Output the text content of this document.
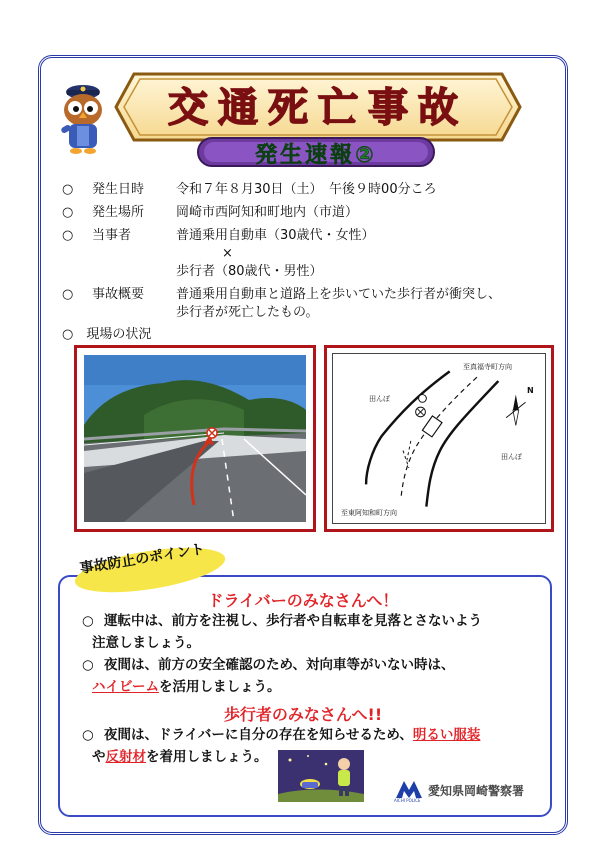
交通死亡事故
発生速報②
○ 発生日時 令和７年８月30日（土）　午後９時00分ころ
○ 発生場所 岡崎市西阿知和町地内（市道）
○ 当事者	普通乗用自動車（30歳代・女性）
×
歩行者（80歳代・男性）
○ 事故概要 普通乗用自動車と道路上を歩いていた歩行者が衝突し、
歩行者が死亡したもの。
○　現場の状況
至真福寺町方向
N
田んぼ
田んぼ
至東阿知和町方向
事故防止のポイント
ドライバーのみなさんへ！
○ 運転中は、前方を注視し、歩行者や自転車を見落とさないよう
注意しましょう。
○ 夜間は、前方の安全確認のため、対向車等がいない時は、
ハイビームを活用しましょう。
歩行者のみなさんへ!!
○ 夜間は、ドライバーに自分の存在を知らせるため、明るい服装
や反射材を着用しましょう。
AICHI POLICE
愛知県岡崎警察署
